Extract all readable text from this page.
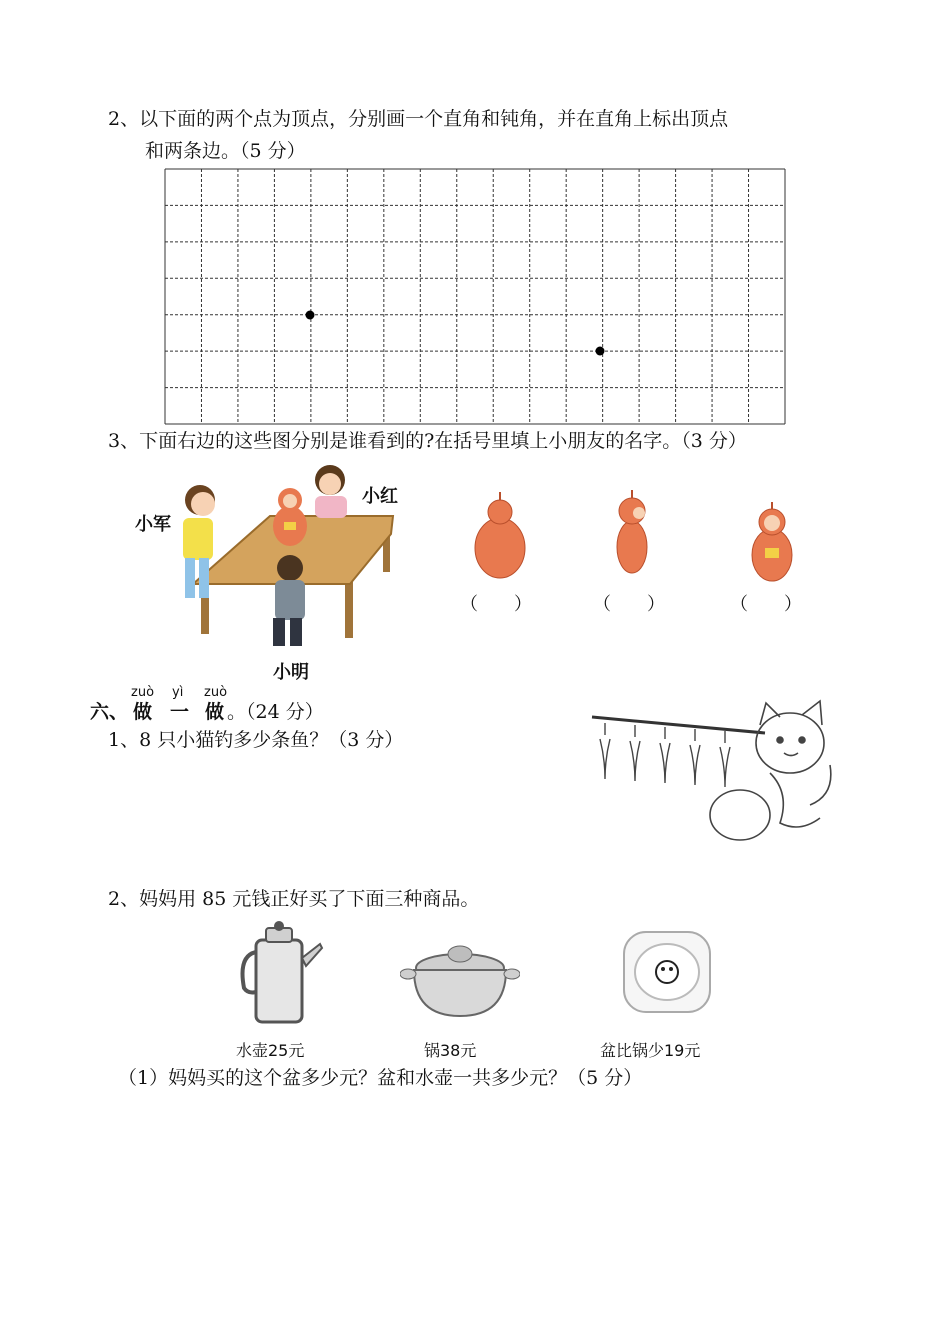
2、以下面的两个点为顶点，分别画一个直角和钝角，并在直角上标出顶点
和两条边。（5 分）
3、下面右边的这些图分别是谁看到的?在括号里填上小朋友的名字。（3 分）
小军
小红
小明
（　　）	（　　）	（　　）
zuò yì zuò
六、 做 一 做 。（24 分）
1、8 只小猫钓多少条鱼？（3 分）
2、妈妈用 85 元钱正好买了下面三种商品。
水壶25元	锅38元	盆比锅少19元
（1）妈妈买的这个盆多少元？盆和水壶一共多少元？（5 分）
